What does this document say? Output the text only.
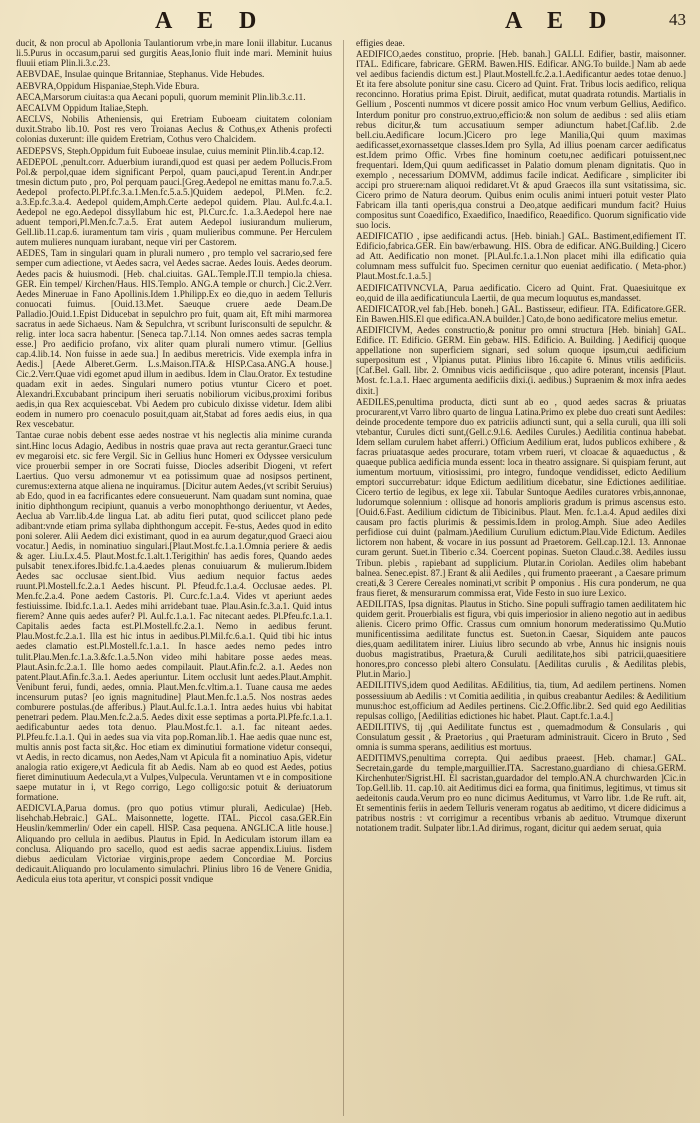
A E D	A E D	43

ducit, & non procul ab Apollonia Taulantiorum vrbe,in mare Ionii illabitur. Lucanus li.5.Purus in occasum,parui sed gurgitis Aeas,Ionio fluit inde mari. Meminit huius fluuii etiam Plin.li.3.c.23.

AEBVDAE, Insulae quinque Britanniae, Stephanus. Vide Hebudes.

AEBVRA,Oppidum Hispaniae,Steph.Vide Ebura.

AECA,Marsorum ciuitas:a qua Aecani populi, quorum meminit Plin.lib.3.c.11.

AECALVM Oppidum Italiae,Steph.

AECLVS, Nobilis Atheniensis, qui Eretriam Euboeam ciuitatem coloniam duxit.Strabo lib.10. Post res vero Troianas Aeclus & Cothus,ex Athenis profecti colonias duxerunt: ille quidem Eretriam, Cothus vero Chalcidem.

AEDEPSVS, Steph.Oppidum fuit Euboeae insulae, cuius meminit Plin.lib.4.cap.12.

AEDEPOL ,penult.corr. Aduerbium iurandi,quod est quasi per aedem Pollucis.From Pol.& perpol,quae idem significant Perpol, quam pauci,apud Terent.in Andr.per tmesin dictum puto , pro, Pol perquam pauci.[Greg.Aedepol ne emittas manu fo.7.a.5. Aedepol profecto.Pl.Pf.fc.3.a.1.Men.fc.5.a.5.]Quidem aedepol, Pl.Men. fc.2. a.3.Ep.fc.3.a.4. Aedepol quidem,Amph.Certe aedepol quidem. Plau. Aul.fc.4.a.1. Aedepol ne ego.Aedepol dissyllabum hic est, Pl.Curc.fc. 1.a.3.Aedepol here nae aduent tempori,Pl.Men.fc.7.a.5. Erat autem Aedepol iusiurandum mulierum, Gell.lib.11.cap.6. iuramentum tam viris , quam mulieribus commune. Per Herculem autem mulieres nunquam iurabant, neque viri per Castorem.

AEDES, Tam in singulari quam in plurali numero , pro templo vel sacrario,sed fere semper cum adiectione, vt Aedes sacra, vel Aedes sacrae. Aedes Iouis. Aedes deorum. Aedes pacis & huiusmodi. [Heb. chal.ciuitas. GAL.Temple.IT.Il tempio.la chiesa. GER. Ein tempel/ Kirchen/Haus. HIS.Templo. ANG.A temple or church.] Cic.2.Verr. Aedes Mineruae in Fano Apollinis.Idem 1.Philipp.Ex eo die,quo in aedem Telluris conuocati fuimus. [Ouid.13.Met. Saeuque cruere aede Deam.De Palladio.]Ouid.1.Epist Diducebat in sepulchro pro fuit, quam ait, Eft mihi marmorea sacratus in aede Sichaeus. Nam & Sepulchra, vt scribunt Iurisconsulti de sepulchr. & relig. inter loca sacra habentur. [Seneca tap.7.l.14. Non omnes aedes sacras templa esse.] Pro aedificio profano, vix aliter quam plurali numero vtimur. [Gellius cap.4.lib.14. Non fuisse in aede sua.] In aedibus meretricis. Vide exempla infra in Aedis.] [Aede Alberet.Germ. L.s.Maison.ITA.& HISP.Casa.ANG.A house.] Cic.2.Verr.Quae vidi egomet apud illum in aedibus. Idem in Clau.Orator. Ex testudine quadam exit in aedes. Singulari numero potius vtuntur Cicero et poet. Alexandri.Excubabant principum iheri seruatis nobiliorum vicibus,proximi foribus aedis,in qua Rex acquiescebat. Vbi Aedem pro cubiculo dixisse videtur. Idem alibi eodem in numero pro coenaculo posuit,quam ait,Stabat ad fores aedis eius, in qua Rex vescebatur.

Tantae curae nobis debent esse aedes nostrae vt his neglectis alia minime curanda sint.Hinc locus Adagio, Aedibus in nostris quae prava aut recta gerantur.Graeci tunc ev megaroisi etc. sic fere Vergil. Sic in Gellius hunc Homeri ex Odyssee versiculum vice prouerbii semper in ore Socrati fuisse, Diocles adseribit Diogeni, vt refert Laertius. Quo versu admonemur vt ea potissimum quae ad nosipsos pertinent, curemus:externa atque aliena ne inquiramus. [Dicitur autem Aedes,(vt scribit Seruius) ab Edo, quod in ea facrificantes edere consueuerunt. Nam quadam sunt nomina, quae initio diphthongum recipiunt, quanuis a verbo monophthongo deriuentur, vt Aedes, Aeclua ab Varr.lib.4.de lingua Lat. ab aditu fieri putat, quod sciliccet plano pede adibant:vnde etiam prima syllaba diphthongum accepit. Fe-stus, Aedes quod in edito poni solerer. Alii Aedem dici existimant, quod in ea aurum degatur,quod Graeci aiou vocatur.] Aedis, in nominatiuo singulari.[Plaut.Most.fc.1.a.1.Omnia periere & aedis & ager. Liu.Lx.4.5. Plaut.Most.fc.1.alt.1.Terigithin' has aedis fores, Quando aedes pulsabit tenex.ifores.Ibid.fc.1.a.4.aedes plenas conuiuarum & mulierum.Ibidem Aedes sac occlusae sient.Ibid. Vius aedium nequior factus aedes ruunt.Pl.Mostell.fc.2.a.1 Aedes hiscunt. Pl. Pfeud.fc.1.a.4. Occlusae aedes. Pl. Men.fc.2.a.4. Pone aedem Castoris. Pl. Curc.fc.1.a.4. Vides vt aperiunt aedes festiuissime. Ibid.fc.1.a.1. Aedes mihi arridebant tuae. Plau.Asin.fc.3.a.1. Quid intus fierem? Anne quis aedes aufer? Pl. Aul.fc.1.a.1. Fac nitecant aedes. Pl.Pfeu.fc.1.a.1. Capitalis aedes facta est.Pl.Mostell.fc.2.a.1. Nemo in aedibus ferunt. Plau.Most.fc.2.a.1. Illa est hic intus in aedibus.Pl.Mil.fc.6.a.1. Quid tibi hic intus aedes clamatio est.Pl.Mostell.fc.1.a.1. In hasce aedes nemo pedes intro tulit.Plau.Men.fc.1.a.3.&fc.1.a.5.Non video mihi habitare posse aedes meas. Plaut.Asin.fc.2.a.1. Ille homo aedes compilauit. Plaut.Afin.fc.2. a.1. Aedes non patent.Plaut.Afin.fc.3.a.1. Aedes aperiuntur. Litem occlusit lunt aedes.Plaut.Amphit. Venibunt ferui, fundi, aedes, omnia. Plaut.Men.fc.vltim.a.1. Tuane causa me aedes incensurum putas? [eo ignis magnitudine] Plaut.Men.fc.1.a.5. Nos nostras aedes comburere postulas.(de afferibus.) Plaut.Aul.fc.1.a.1. Intra aedes huius vbi habitat penetrari pedem. Plau.Men.fc.2.a.5. Aedes dixit esse septimas a porta.Pl.Pfe.fc.1.a.1. aedificabuntur aedes tota denuo. Plau.Most.fc.1. a.1. fac niteant aedes. Pl.Pfeu.fc.1.a.1. Qui in aedes sua via vita pop.Roman.lib.1. Hae aedis quae nunc est, multis annis post facta sit,&c. Hoc etiam ex diminutiui formatione videtur consequi, vt Aedis, in recto dicamus, non Aedes,Nam vt Apicula fit a nominatiuo Apis, videtur analogia ratio exigere,vt Aedicula fit ab Aedis. Nam ab eo quod est Aedes, potius fieret diminutiuum Aedecula,vt a Vulpes,Vulpecula. Veruntamen vt e in compositione saepe mutatur in i, vt Rego corrigo, Lego colligo:sic potuit & deriuatorum formatione.

AEDICVLA,Parua domus. (pro quo potius vtimur plurali, Aediculae) [Heb. lisehchab.Hebraic.] GAL. Maisonnette, logette. ITAL. Piccol casa.GER.Ein Heuslin/kemmerlin/ Oder ein capell. HISP. Casa pequena. ANGLIC.A litle house.] Aliquando pro cellula in aedibus. Plautus in Epid. In Aediculam istorum illam ea conclusa. Aliquando pro sacello, quod est aedis sacrae appendix.Liuius. Iisdem diebus aediculam Victoriae virginis,prope aedem Concordiae M. Porcius dedicauit.Aliquando pro loculamento simulachri. Plinius libro 16 de Venere Gnidia, Aedicula eius tota aperitur, vt conspici possit vndique

effigies deae.

AEDIFICO,aedes constituo, proprie. [Heb. banah.] GALLI. Edifier, bastir, maisonner. ITAL. Edificare, fabricare. GERM. Bawen.HIS. Edificar. ANG.To builde.] Nam ab aede vel aedibus faciendis dictum est.] Plaut.Mostell.fc.2.a.1.Aedificantur aedes totae denuo.] Et ita fere absolute ponitur sine casu. Cicero ad Quint. Frat. Tribus locis aedifico, reliqua reconcinno. Horatius prima Epist. Diruit, aedificat, mutat quadrata rotundis. Martialis in Gellium , Poscenti nummos vt dicere possit amico Hoc vnum verbum Gellius, Aedifico. Interdum ponitur pro construo,extruo,efficio:& non solum de aedibus : sed aliis etiam rebus dicitur,& tum accusatiuum semper adiunctum habet.[Caf.lib. 2.de bell.ciu.Aedificare locum.]Cicero pro lege Manilia,Qui quum maximas aedificasset,exornassetque classes.Idem pro Sylla, Ad illius poenam carcer aedificatus est.Idem primo Offic. Vrbes fine hominum coetu,nec aedificari potuissent,nec frequentari. Idem,Qui quum aedificasset in Palatio domum plenam dignitatis. Quo in exemplo , necessarium DOMVM, addimus facile indicat. Aedificare , simpliciter ibi accipi pro struere:nam aliquoi redidaret.Vt & apud Graecos illa sunt vsitatissima, sic. Cicero primo de Natura deorum. Quibus enim oculis animi intueri potuit vester Plato Fabricam illa tanti operis,qua construi a Deo,atque aedificari mundum facit? Huius compositus sunt Coaedifico, Exaedifico, Inaedifico, Reaedifico. Quorum significatio vide suo locis.

AEDIFICATIO , ipse aedificandi actus. [Heb. biniah.] GAL. Bastiment,edifiement IT. Edificio,fabrica.GER. Ein baw/erbawung. HIS. Obra de edificar. ANG.Building.] Cicero ad Att. Aedificatio non monet. [Pl.Aul.fc.1.a.1.Non placet mihi illa edificatio quia columnam mess suffulcit fuo. Specimen cernitur quo eueniat aedificatio. ( Meta-phor.) Plaut.Most.fc.1.a.5.]

AEDIFICATIVNCVLA, Parua aedificatio. Cicero ad Quint. Frat. Quaesiuitque ex eo,quid de illa aedificatiuncula Laertii, de qua mecum loquutus es,mandasset.

AEDIFICATOR,vel fab.[Heb. boneh.] GAL. Bastisseur, edifieur. ITA. Edificatore.GER. Ein Bawen.HIS.El que edifica.AN.A builder.] Cato,de bono aedificatore melius emetur.

AEDIFICIVM, Aedes constructio,& ponitur pro omni structura [Heb. biniah] GAL. Edifice. IT. Edificio. GERM. Ein gebaw. HIS. Edificio. A. Building. ] Aedificij quoque appellatione non superficiem signari, sed solum quoque ipsum,cui aedificium superpositum est , Vlpianus putat. Plinius libro 16.capite 6. Minus vtilis aedificiis. [Caf.Bel. Gall. libr. 2. Omnibus vicis aedificiisque , quo adire poterant, incensis [Plaut. Most. fc.1.a.1. Haec argumenta aedificiis dixi.(i. aedibus.) Supraenim & mox infra aedes dixit.]

AEDILES,penultima producta, dicti sunt ab eo , quod aedes sacras & priuatas procurarent,vt Varro libro quarto de lingua Latina.Primo ex plebe duo creati sunt Aediles: deinde procedente tempore duo ex patriciis adiuncti sunt, qui a sella curuli, qua illi soli vtebantur, Curules dicti sunt,(Gell.c.9.l.6. Aediles Curules.) Aedilitia continua habebat. Idem sellam curulem habet afferri.) Officium Aedilium erat, ludos publicos exhibere , & facras priuatasque aedes procurare, totam vrbem rueri, vt cloacae & aquaeductus , & quaeque publica aedificia munda essent: loca in theatro assignare. Si quispiam ferunt, aut iumentum mortuum, vitiosissimi, pro integro, fundoque vendidisset, edicto Aedilium emptori succurrebatur: idque Edictum aedilitium dicebatur, sine Edictiones aedilitiae. Cicero tertio de legibus, ex lege xii. Tabular Suntoque Aediles curatores vrbis,annonae, ludorumque solennium : ollisque ad honoris amplioris gradum is primus ascensus esto.[Ouid.6.Fast. Aedilium cidictum de Tibicinibus. Plaut. Men. fc.1.a.4. Apud aediles dixi causam pro factis plurimis & pessimis.Idem in prolog.Amph. Siue adeo Aediles perfidiose cui duint (palmam.)Aedilium Curulium edictum.Plau.Vide Edictum. Aediles lictorem non habent, & vocare in ius possunt ad Praetorem. Gell.cap.12.l. 13. Annonae curam gerunt. Suet.in Tiberio c.34. Coercent popinas. Sueton Claud.c.38. Aediles iussu Tribun. plebis , rapiebant ad supplicium. Plutar.in Coriolan. Aediles olim habebant balnea. Senec.epist. 87.] Erant & alii Aediles , qui frumento praeerant , a Caesare primum creati,& 3 Cerere Cereales nominati,vt scribit P omponius . His cura ponderum, ne qua fraus fieret, & mensurarum commissa erat, Vide Festo in suo iure Lexico.

AEDILITAS, Ipsa dignitas. Plautus in Sticho. Sine populi suffragio tamen aedilitatem hic quidem gerit. Prouerbialis est figura, vbi quis imperiosior in alieno negotio aut in aedibus alienis. Cicero primo Offic. Crassus cum omnium honorum mederatissimo Qu.Mutio munificentissima aedilitate functus est. Sueton.in Caesar, Siquidem ante paucos dies,quam aedilitatem inirer. Liuius libro secundo ab vrbe, Annus hic insignis nouis duobus magistratibus, Praetura,& Curuli aedilitate,hos sibi patricii,quaesitiere honores,pro concesso plebi altero Consulatu. [Aedilitas curulis , & Aedilitas plebis, Plut.in Mario.]

AEDILITIVS,idem quod Aedilitas. AEdilitius, tia, tium, Ad aedilem pertinens. Nomen possessiuum ab Aedilis : vt Comitia aedilitia , in quibus creabantur Aediles: & Aedilitium munus:hoc est,officium ad Aediles pertinens. Cic.2.Offic.libr.2. Sed quid ego Aedilitias repulsas colligo, [Aedilitias edictiones hic habet. Plaut. Capt.fc.1.a.4.]

AEDILITIVS, tij ,qui Aedilitate functus est , quemadmodum & Consularis , qui Consulatum gessit , & Praetorius , qui Praeturam administrauit. Cicero in Bruto , Sed omnia is summa sperans, aedilitius est mortuus.

AEDITIMVS,penultima correpta. Qui aedibus praeest. [Heb. chamar.] GAL. Secretain,garde du temple,marguillier.ITA. Sacrestano,guardiano di chiesa.GERM. Kirchenhuter/Sigrist.HI. El sacristan,guardador del templo.AN.A churchwarden ]Cic.in Top.Gell.lib. 11. cap.10. ait Aeditimus dici ea forma, qua finitimus, legitimus, vt timus sit aedeitonis cauda.Verum pro eo nunc dicimus Aeditumus, vt Varro libr. 1.de Re ruft. ait, Et sementinis feriis in aedem Telluris veneram rogatus ab aeditimo, vt dicere didicimus a patribus nostris : vt corrigimur a recentibus vrbanis ab aedituo. Vtrumque dixerunt notationem tradit. Sulpater libr.1.Ad dirimus, rogant, dicitur qui aedem seruat, quia
